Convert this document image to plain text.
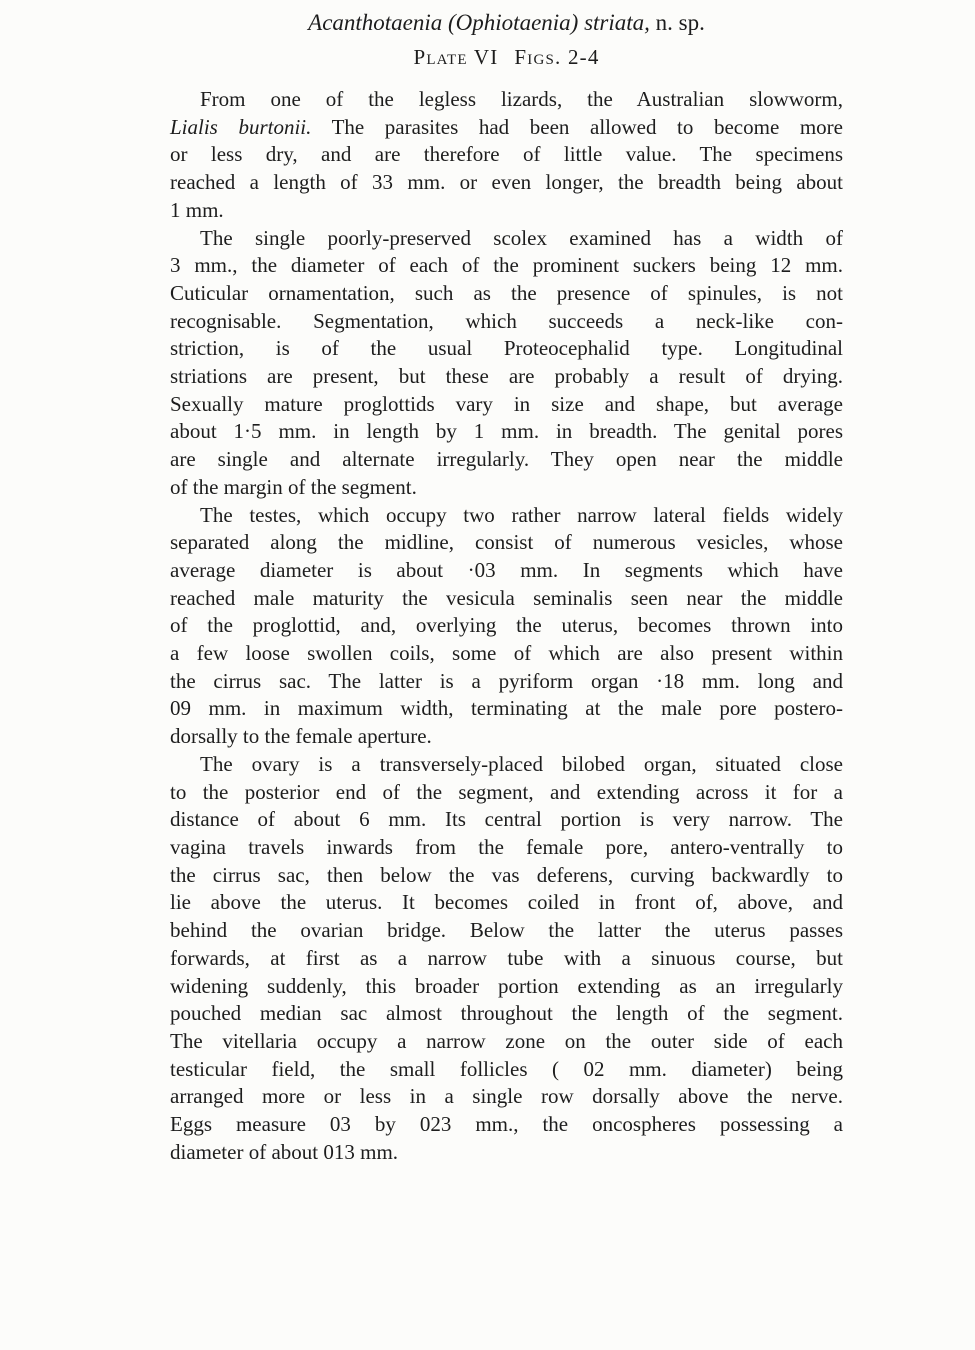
Acanthotaenia (Ophiotaenia) striata, n. sp.
Plate VI Figs. 2-4
From one of the legless lizards, the Australian slowworm,
Lialis burtonii. The parasites had been allowed to become more
or less dry, and are therefore of little value. The specimens
reached a length of 33 mm. or even longer, the breadth being about
1 mm.
The single poorly-preserved scolex examined has a width of
3 mm., the diameter of each of the prominent suckers being 12 mm.
Cuticular ornamentation, such as the presence of spinules, is not
recognisable. Segmentation, which succeeds a neck-like con-
striction, is of the usual Proteocephalid type. Longitudinal
striations are present, but these are probably a result of drying.
Sexually mature proglottids vary in size and shape, but average
about 1·5 mm. in length by 1 mm. in breadth. The genital pores
are single and alternate irregularly. They open near the middle
of the margin of the segment.
The testes, which occupy two rather narrow lateral fields widely
separated along the midline, consist of numerous vesicles, whose
average diameter is about ·03 mm. In segments which have
reached male maturity the vesicula seminalis seen near the middle
of the proglottid, and, overlying the uterus, becomes thrown into
a few loose swollen coils, some of which are also present within
the cirrus sac. The latter is a pyriform organ ·18 mm. long and
09 mm. in maximum width, terminating at the male pore postero-
dorsally to the female aperture.
The ovary is a transversely-placed bilobed organ, situated close
to the posterior end of the segment, and extending across it for a
distance of about 6 mm. Its central portion is very narrow. The
vagina travels inwards from the female pore, antero-ventrally to
the cirrus sac, then below the vas deferens, curving backwardly to
lie above the uterus. It becomes coiled in front of, above, and
behind the ovarian bridge. Below the latter the uterus passes
forwards, at first as a narrow tube with a sinuous course, but
widening suddenly, this broader portion extending as an irregularly
pouched median sac almost throughout the length of the segment.
The vitellaria occupy a narrow zone on the outer side of each
testicular field, the small follicles ( 02 mm. diameter) being
arranged more or less in a single row dorsally above the nerve.
Eggs measure 03 by 023 mm., the oncospheres possessing a
diameter of about 013 mm.
